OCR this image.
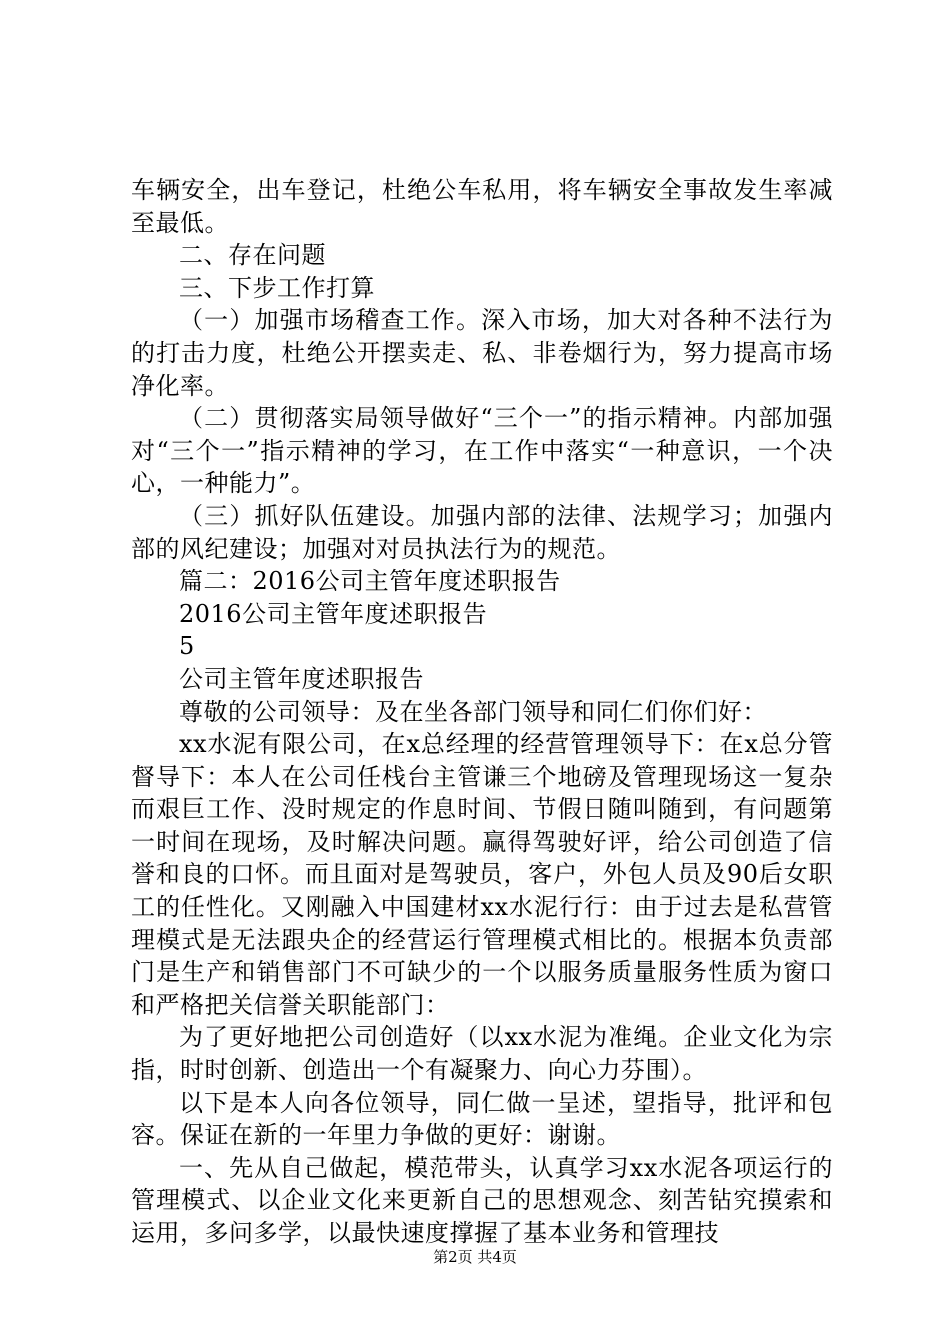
车辆安全，出车登记，杜绝公车私用，将车辆安全事故发生率减至最低。

二、存在问题

三、下步工作打算

（一）加强市场稽查工作。深入市场，加大对各种不法行为的打击力度，杜绝公开摆卖走、私、非卷烟行为，努力提高市场净化率。

（二）贯彻落实局领导做好“三个一”的指示精神。内部加强对“三个一”指示精神的学习，在工作中落实“一种意识，一个决心，一种能力”。

（三）抓好队伍建设。加强内部的法律、法规学习；加强内部的风纪建设；加强对对员执法行为的规范。

篇二：2016公司主管年度述职报告

2016公司主管年度述职报告

5

公司主管年度述职报告

尊敬的公司领导：及在坐各部门领导和同仁们你们好：

xx水泥有限公司，在x总经理的经营管理领导下：在x总分管督导下：本人在公司任栈台主管谦三个地磅及管理现场这一复杂而艰巨工作、没时规定的作息时间、节假日随叫随到，有问题第一时间在现场，及时解决问题。赢得驾驶好评，给公司创造了信誉和良的口怀。而且面对是驾驶员，客户，外包人员及90后女职工的任性化。又刚融入中国建材xx水泥行行：由于过去是私营管理模式是无法跟央企的经营运行管理模式相比的。根据本负责部门是生产和销售部门不可缺少的一个以服务质量服务性质为窗口和严格把关信誉关职能部门：

为了更好地把公司创造好（以xx水泥为准绳。企业文化为宗指，时时创新、创造出一个有凝聚力、向心力芬围）。

以下是本人向各位领导，同仁做一呈述，望指导，批评和包容。保证在新的一年里力争做的更好：谢谢。

一、先从自己做起，模范带头，认真学习xx水泥各项运行的管理模式、以企业文化来更新自己的思想观念、刻苦钻究摸索和运用，多问多学，以最快速度撑握了基本业务和管理技

第2页 共4页
